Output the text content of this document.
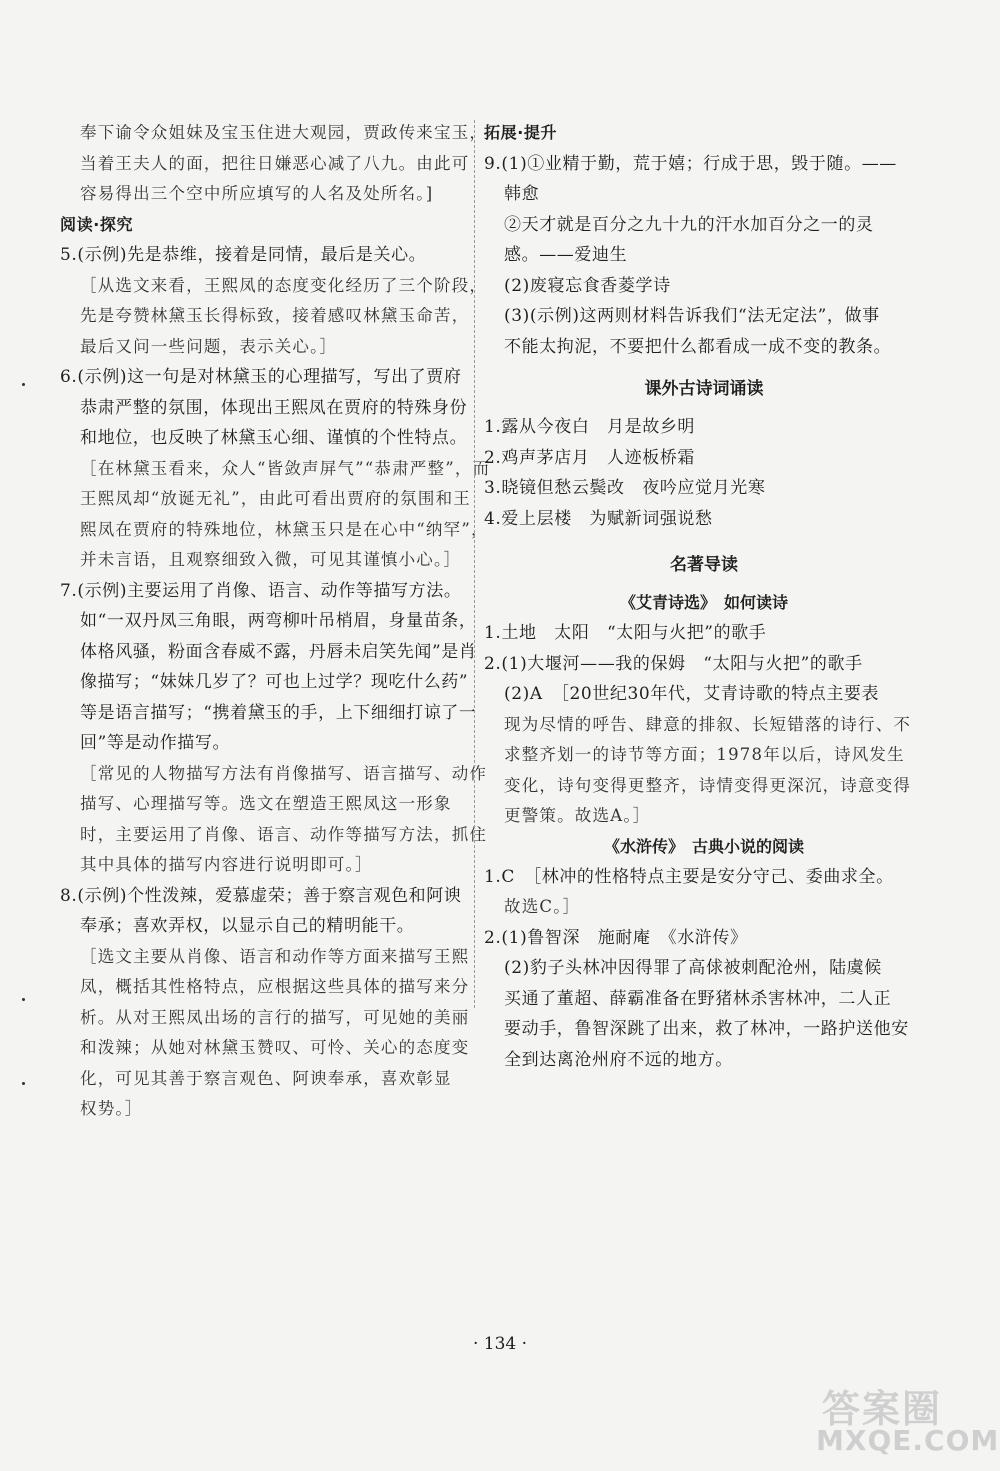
奉下谕令众姐妹及宝玉住进大观园，贾政传来宝玉，
当着王夫人的面，把往日嫌恶心减了八九。由此可
容易得出三个空中所应填写的人名及处所名。]
阅读·探究
5.(示例)先是恭维，接着是同情，最后是关心。
［从选文来看，王熙凤的态度变化经历了三个阶段，
先是夸赞林黛玉长得标致，接着感叹林黛玉命苦，
最后又问一些问题，表示关心。］
6.(示例)这一句是对林黛玉的心理描写，写出了贾府
恭肃严整的氛围，体现出王熙凤在贾府的特殊身份
和地位，也反映了林黛玉心细、谨慎的个性特点。
［在林黛玉看来，众人“皆敛声屏气”“恭肃严整”，而
王熙凤却“放诞无礼”，由此可看出贾府的氛围和王
熙凤在贾府的特殊地位，林黛玉只是在心中“纳罕”，
并未言语，且观察细致入微，可见其谨慎小心。］
7.(示例)主要运用了肖像、语言、动作等描写方法。
如“一双丹凤三角眼，两弯柳叶吊梢眉，身量苗条，
体格风骚，粉面含春威不露，丹唇未启笑先闻”是肖
像描写；“妹妹几岁了？可也上过学？现吃什么药”
等是语言描写；“携着黛玉的手，上下细细打谅了一
回”等是动作描写。
［常见的人物描写方法有肖像描写、语言描写、动作
描写、心理描写等。选文在塑造王熙凤这一形象
时，主要运用了肖像、语言、动作等描写方法，抓住
其中具体的描写内容进行说明即可。］
8.(示例)个性泼辣，爱慕虚荣；善于察言观色和阿谀
奉承；喜欢弄权，以显示自己的精明能干。
［选文主要从肖像、语言和动作等方面来描写王熙
凤，概括其性格特点，应根据这些具体的描写来分
析。从对王熙凤出场的言行的描写，可见她的美丽
和泼辣；从她对林黛玉赞叹、可怜、关心的态度变
化，可见其善于察言观色、阿谀奉承，喜欢彰显
权势。］
拓展·提升
9.(1)①业精于勤，荒于嬉；行成于思，毁于随。——
韩愈
②天才就是百分之九十九的汗水加百分之一的灵
感。——爱迪生
(2)废寝忘食香菱学诗
(3)(示例)这两则材料告诉我们“法无定法”，做事
不能太拘泥，不要把什么都看成一成不变的教条。
课外古诗词诵读
1.露从今夜白　月是故乡明
2.鸡声茅店月　人迹板桥霜
3.晓镜但愁云鬓改　夜吟应觉月光寒
4.爱上层楼　为赋新词强说愁
名著导读
《艾青诗选》　如何读诗
1.土地　太阳　“太阳与火把”的歌手
2.(1)大堰河——我的保姆　“太阳与火把”的歌手
(2)A　［20世纪30年代，艾青诗歌的特点主要表
现为尽情的呼告、肆意的排叙、长短错落的诗行、不
求整齐划一的诗节等方面；1978年以后，诗风发生
变化，诗句变得更整齐，诗情变得更深沉，诗意变得
更警策。故选A。］
《水浒传》　古典小说的阅读
1.C　［林冲的性格特点主要是安分守己、委曲求全。
故选C。］
2.(1)鲁智深　施耐庵　《水浒传》
(2)豹子头林冲因得罪了高俅被刺配沧州，陆虞候
买通了董超、薛霸准备在野猪林杀害林冲，二人正
要动手，鲁智深跳了出来，救了林冲，一路护送他安
全到达离沧州府不远的地方。
· 134 ·
答案圈
MXQE.COM
